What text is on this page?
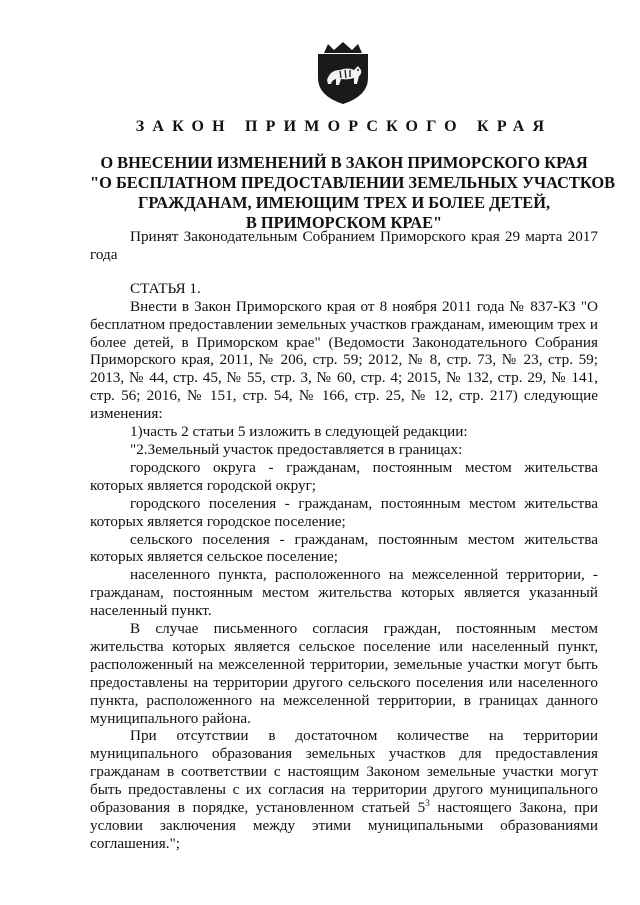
ЗАКОН ПРИМОРСКОГО КРАЯ
О ВНЕСЕНИИ ИЗМЕНЕНИЙ В ЗАКОН ПРИМОРСКОГО КРАЯ
"О БЕСПЛАТНОМ ПРЕДОСТАВЛЕНИИ ЗЕМЕЛЬНЫХ УЧАСТКОВ
ГРАЖДАНАМ, ИМЕЮЩИМ ТРЕХ И БОЛЕЕ ДЕТЕЙ,
В ПРИМОРСКОМ КРАЕ"

Принят Законодательным Собранием Приморского края 29 марта 2017 года

СТАТЬЯ 1.

Внести в Закон Приморского края от 8 ноября 2011 года № 837-КЗ "О бесплатном предоставлении земельных участков гражданам, имеющим трех и более детей, в Приморском крае" (Ведомости Законодательного Собрания Приморского края, 2011, № 206, стр. 59; 2012, № 8, стр. 73, № 23, стр. 59; 2013, № 44, стр. 45, № 55, стр. 3, № 60, стр. 4; 2015, № 132, стр. 29, № 141, стр. 56; 2016, № 151, стр. 54, № 166, стр. 25, № 12, стр. 217) следующие изменения:

1)часть 2 статьи 5 изложить в следующей редакции:

"2.Земельный участок предоставляется в границах:

городского округа - гражданам, постоянным местом жительства которых является городской округ;

городского поселения - гражданам, постоянным местом жительства которых является городское поселение;

сельского поселения - гражданам, постоянным местом жительства которых является сельское поселение;

населенного пункта, расположенного на межселенной территории, - гражданам, постоянным местом жительства которых является указанный населенный пункт.

В случае письменного согласия граждан, постоянным местом жительства которых является сельское поселение или населенный пункт, расположенный на межселенной территории, земельные участки могут быть предоставлены на территории другого сельского поселения или населенного пункта, расположенного на межселенной территории, в границах данного муниципального района.

При отсутствии в достаточном количестве на территории муниципального образования земельных участков для предоставления гражданам в соответствии с настоящим Законом земельные участки могут быть предоставлены с их согласия на территории другого муниципального образования в порядке, установленном статьей $5^3$ настоящего Закона, при условии заключения между этими муниципальными образованиями соглашения.";
